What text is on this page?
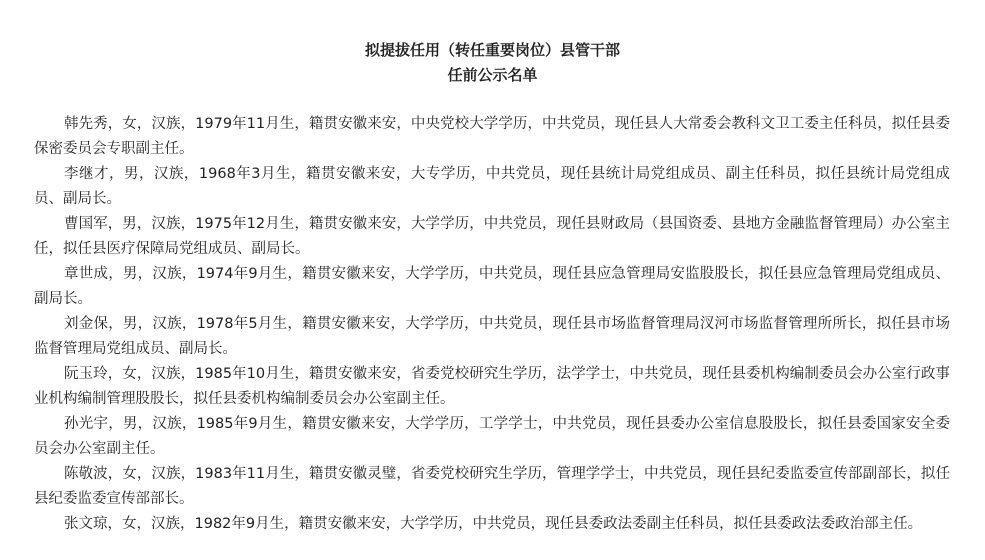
拟提拔任用（转任重要岗位）县管干部
任前公示名单

韩先秀，女，汉族，1979年11月生，籍贯安徽来安，中央党校大学学历，中共党员，现任县人大常委会教科文卫工委主任科员，拟任县委保密委员会专职副主任。

李继才，男，汉族，1968年3月生，籍贯安徽来安，大专学历，中共党员，现任县统计局党组成员、副主任科员，拟任县统计局党组成员、副局长。

曹国军，男，汉族，1975年12月生，籍贯安徽来安，大学学历，中共党员，现任县财政局（县国资委、县地方金融监督管理局）办公室主任，拟任县医疗保障局党组成员、副局长。

章世成，男，汉族，1974年9月生，籍贯安徽来安，大学学历，中共党员，现任县应急管理局安监股股长，拟任县应急管理局党组成员、副局长。

刘金保，男，汉族，1978年5月生，籍贯安徽来安，大学学历，中共党员，现任县市场监督管理局汊河市场监督管理所所长，拟任县市场监督管理局党组成员、副局长。

阮玉玲，女，汉族，1985年10月生，籍贯安徽来安，省委党校研究生学历，法学学士，中共党员，现任县委机构编制委员会办公室行政事业机构编制管理股股长，拟任县委机构编制委员会办公室副主任。

孙光宇，男，汉族，1985年9月生，籍贯安徽来安，大学学历，工学学士，中共党员，现任县委办公室信息股股长，拟任县委国家安全委员会办公室副主任。

陈敬波，女，汉族，1983年11月生，籍贯安徽灵璧，省委党校研究生学历，管理学学士，中共党员，现任县纪委监委宣传部副部长，拟任县纪委监委宣传部部长。

张文琼，女，汉族，1982年9月生，籍贯安徽来安，大学学历，中共党员，现任县委政法委副主任科员，拟任县委政法委政治部主任。
